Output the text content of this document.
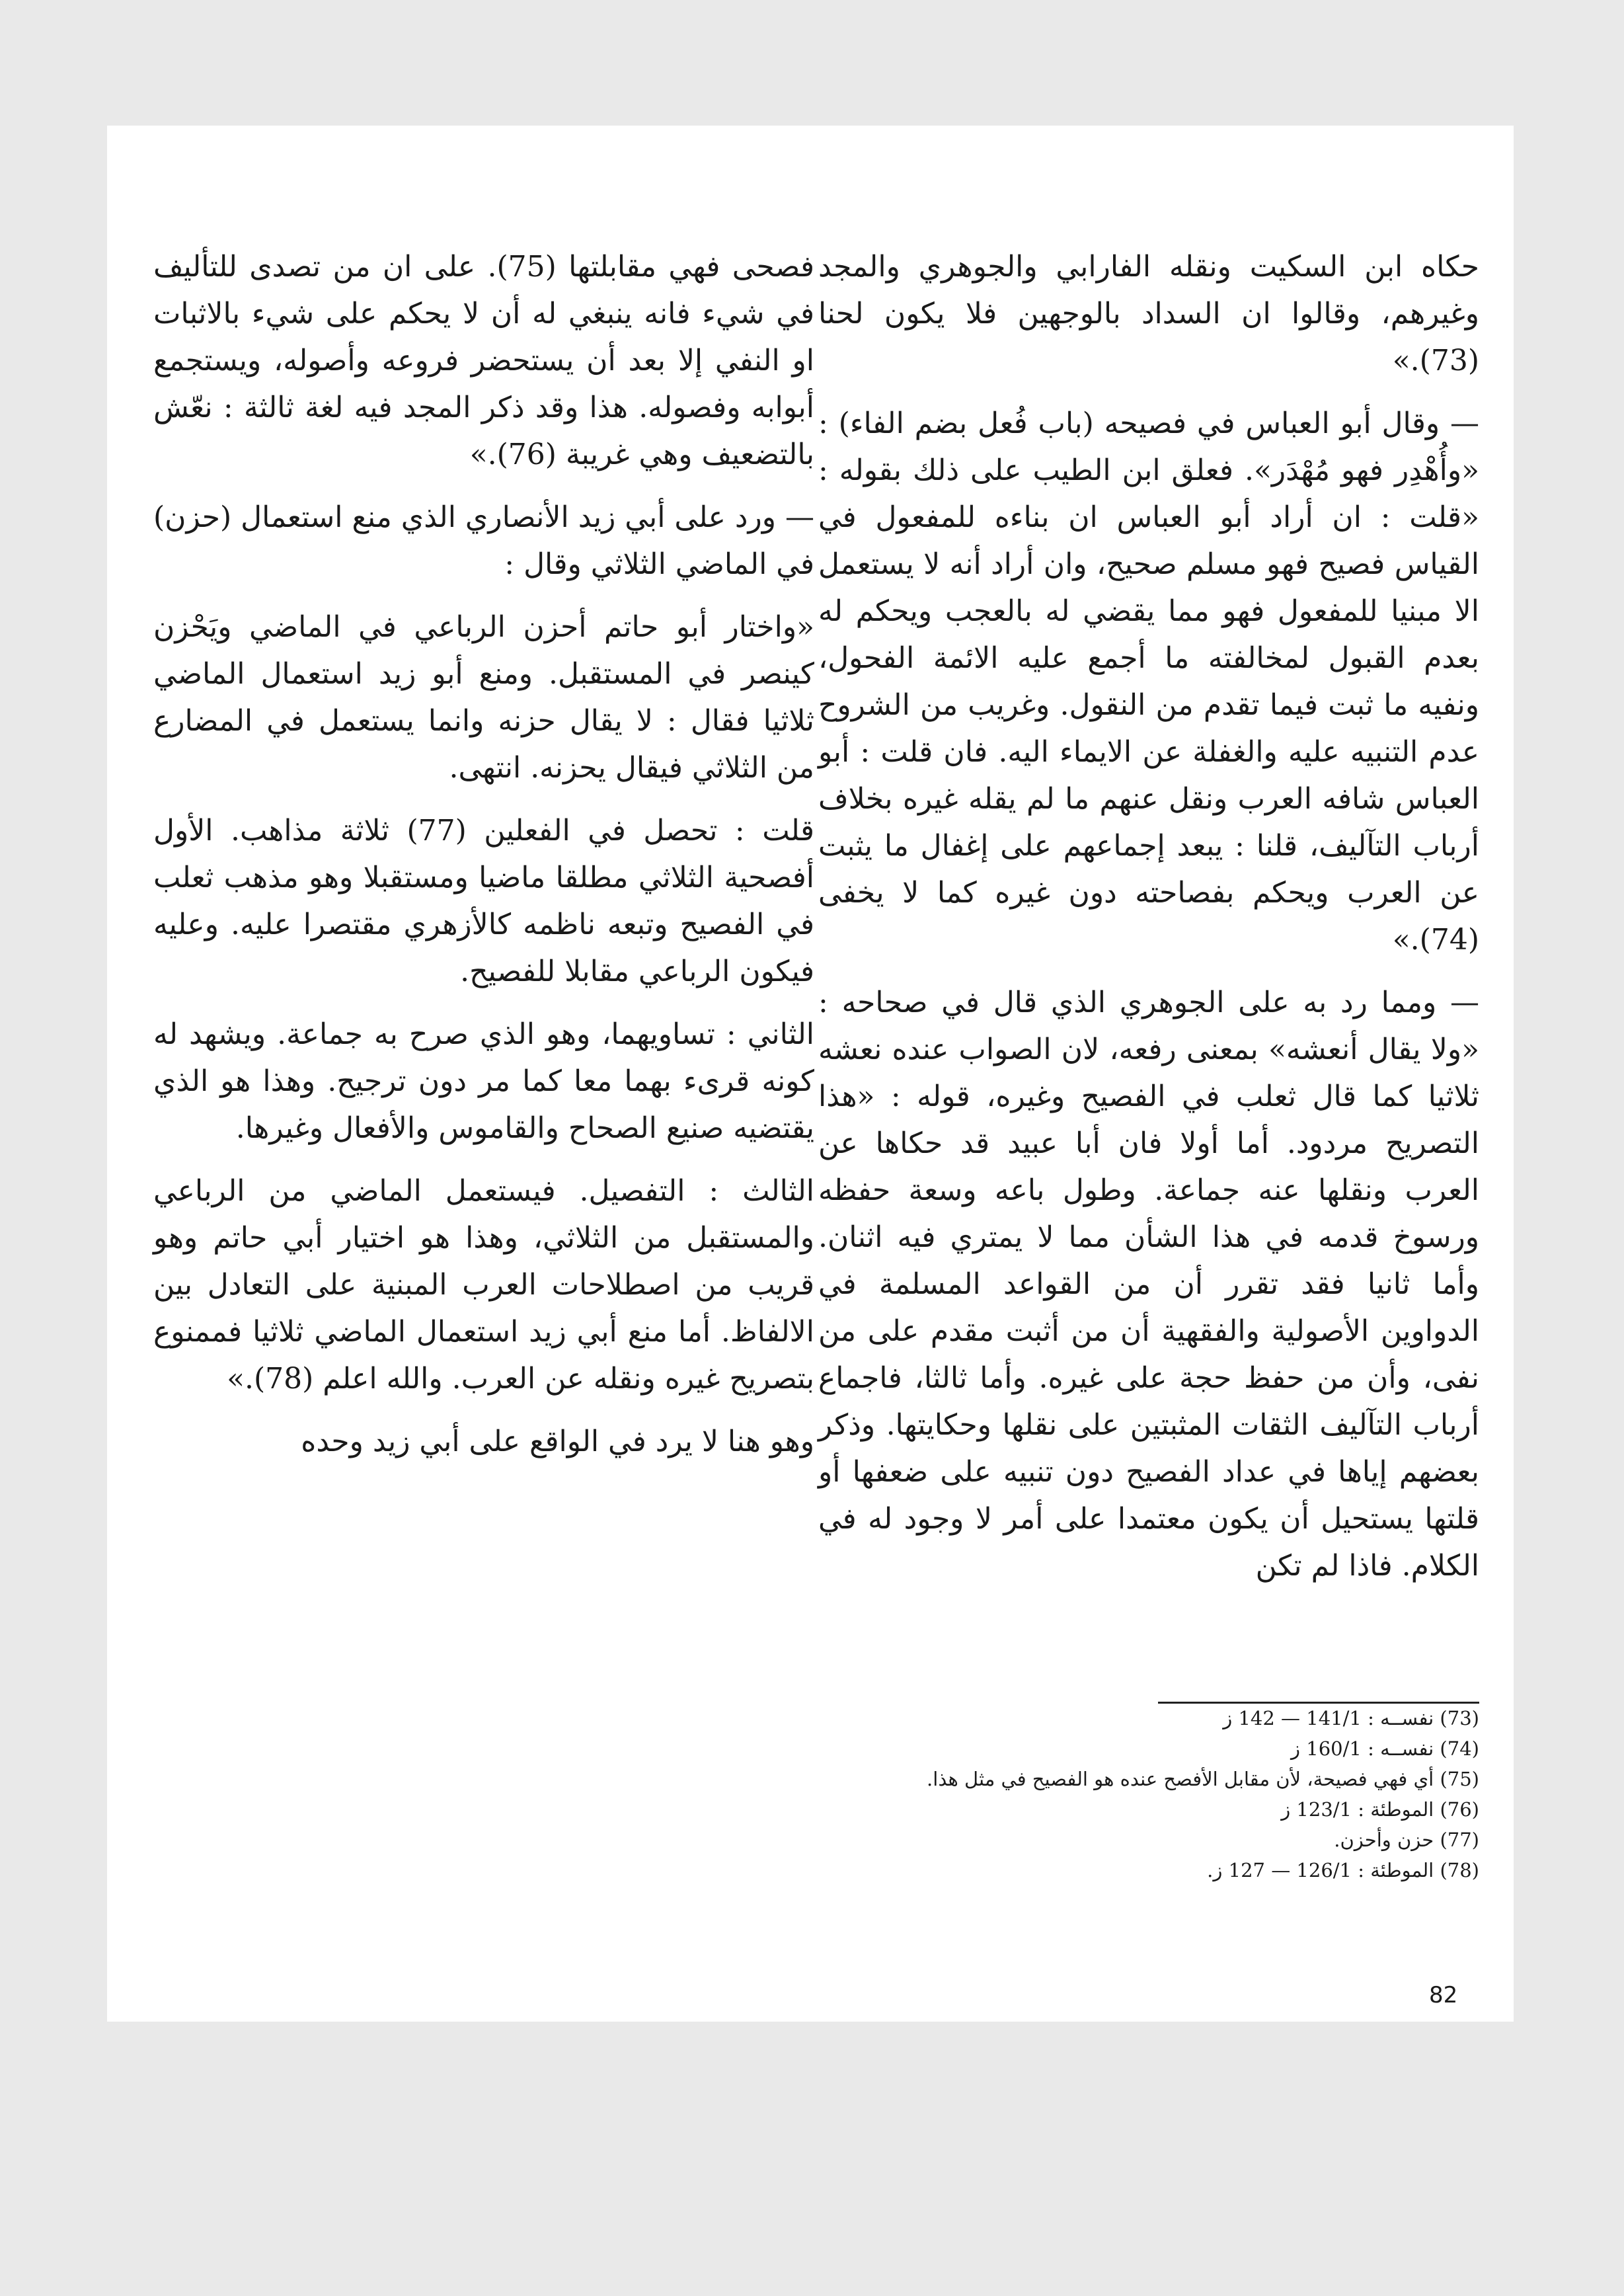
حكاه ابن السكيت ونقله الفارابي والجوهري والمجد وغيرهم، وقالوا ان السداد بالوجهين فلا يكون لحنا (73).»

— وقال أبو العباس في فصيحه (باب فُعل بضم الفاء) : «وأُهْدِر فهو مُهْدَر». فعلق ابن الطيب على ذلك بقوله : «قلت : ان أراد أبو العباس ان بناءه للمفعول في القياس فصيح فهو مسلم صحيح، وان أراد أنه لا يستعمل الا مبنيا للمفعول فهو مما يقضي له بالعجب ويحكم له بعدم القبول لمخالفته ما أجمع عليه الائمة الفحول، ونفيه ما ثبت فيما تقدم من النقول. وغريب من الشروح عدم التنبيه عليه والغفلة عن الايماء اليه. فان قلت : أبو العباس شافه العرب ونقل عنهم ما لم يقله غيره بخلاف أرباب التآليف، قلنا : يبعد إجماعهم على إغفال ما يثبت عن العرب ويحكم بفصاحته دون غيره كما لا يخفى (74).»

— ومما رد به على الجوهري الذي قال في صحاحه : «ولا يقال أنعشه» بمعنى رفعه، لان الصواب عنده نعشه ثلاثيا كما قال ثعلب في الفصيح وغيره، قوله : «هذا التصريح مردود. أما أولا فان أبا عبيد قد حكاها عن العرب ونقلها عنه جماعة. وطول باعه وسعة حفظه ورسوخ قدمه في هذا الشأن مما لا يمتري فيه اثنان. وأما ثانيا فقد تقرر أن من القواعد المسلمة في الدواوين الأصولية والفقهية أن من أثبت مقدم على من نفى، وأن من حفظ حجة على غيره. وأما ثالثا، فاجماع أرباب التآليف الثقات المثبتين على نقلها وحكايتها. وذكر بعضهم إياها في عداد الفصيح دون تنبيه على ضعفها أو قلتها يستحيل أن يكون معتمدا على أمر لا وجود له في الكلام. فاذا لم تكن

فصحى فهي مقابلتها (75). على ان من تصدى للتأليف في شيء فانه ينبغي له أن لا يحكم على شيء بالاثبات او النفي إلا بعد أن يستحضر فروعه وأصوله، ويستجمع أبوابه وفصوله. هذا وقد ذكر المجد فيه لغة ثالثة : نعّش بالتضعيف وهي غريبة (76).»

— ورد على أبي زيد الأنصاري الذي منع استعمال (حزن) في الماضي الثلاثي وقال :

«واختار أبو حاتم أحزن الرباعي في الماضي ويَحْزن كينصر في المستقبل. ومنع أبو زيد استعمال الماضي ثلاثيا فقال : لا يقال حزنه وانما يستعمل في المضارع من الثلاثي فيقال يحزنه. انتهى.

قلت : تحصل في الفعلين (77) ثلاثة مذاهب. الأول أفصحية الثلاثي مطلقا ماضيا ومستقبلا وهو مذهب ثعلب في الفصيح وتبعه ناظمه كالأزهري مقتصرا عليه. وعليه فيكون الرباعي مقابلا للفصيح.

الثاني : تساويهما، وهو الذي صرح به جماعة. ويشهد له كونه قرىء بهما معا كما مر دون ترجيح. وهذا هو الذي يقتضيه صنيع الصحاح والقاموس والأفعال وغيرها.

الثالث : التفصيل. فيستعمل الماضي من الرباعي والمستقبل من الثلاثي، وهذا هو اختيار أبي حاتم وهو قريب من اصطلاحات العرب المبنية على التعادل بين الالفاظ. أما منع أبي زيد استعمال الماضي ثلاثيا فممنوع بتصريح غيره ونقله عن العرب. والله اعلم (78).»

وهو هنا لا يرد في الواقع على أبي زيد وحده

(73) نفســه : 141/1 — 142 ز
(74) نفســه : 160/1 ز
(75) أي فهي فصيحة، لأن مقابل الأفصح عنده هو الفصيح في مثل هذا.
(76) الموطئة : 123/1 ز
(77) حزن وأحزن.
(78) الموطئة : 126/1 — 127 ز.
82
